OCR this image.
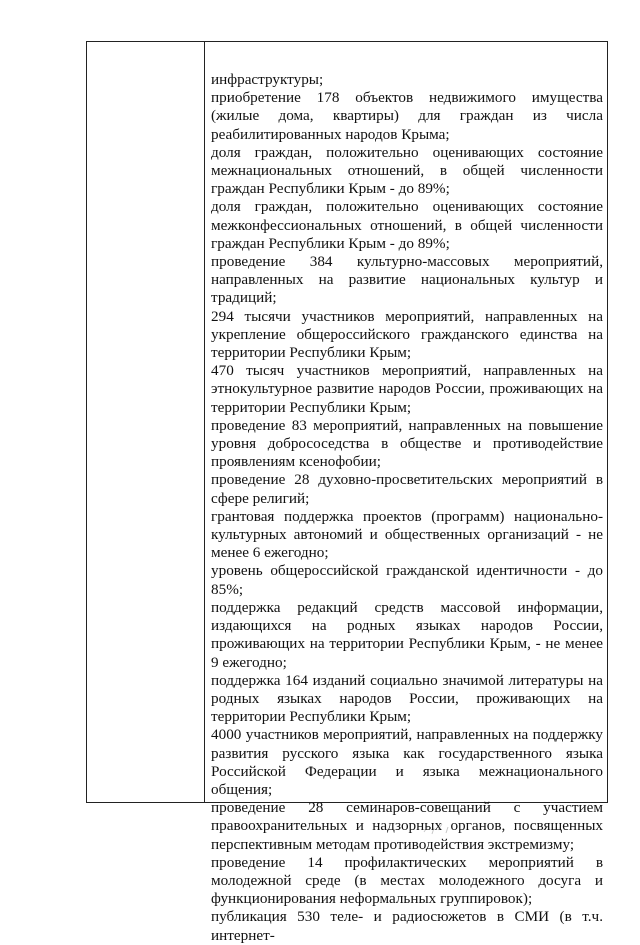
инфраструктуры;

приобретение 178 объектов недвижимого имущества (жилые дома, квартиры) для граждан из числа реабилитированных народов Крыма;

доля граждан, положительно оценивающих состояние межнациональных отношений, в общей численности граждан Республики Крым - до 89%;

доля граждан, положительно оценивающих состояние межконфессиональных отношений, в общей численности граждан Республики Крым - до 89%;

проведение 384 культурно-массовых мероприятий, направленных на развитие национальных культур и традиций;

294 тысячи участников мероприятий, направленных на укрепление общероссийского гражданского единства на территории Республики Крым;

470 тысяч участников мероприятий, направленных на этнокультурное развитие народов России, проживающих на территории Республики Крым;

проведение 83 мероприятий, направленных на повышение уровня добрососедства в обществе и противодействие проявлениям ксенофобии;

проведение 28 духовно-просветительских мероприятий в сфере религий;

грантовая поддержка проектов (программ) национально-культурных автономий и общественных организаций - не менее 6 ежегодно;

уровень общероссийской гражданской идентичности - до 85%;

поддержка редакций средств массовой информации, издающихся на родных языках народов России, проживающих на территории Республики Крым, - не менее 9 ежегодно;

поддержка 164 изданий социально значимой литературы на родных языках народов России, проживающих на территории Республики Крым;

4000 участников мероприятий, направленных на поддержку развития русского языка как государственного языка Российской Федерации и языка межнационального общения;

проведение 28 семинаров-совещаний с участием правоохранительных и надзорных органов, посвященных перспективным методам противодействия экстремизму;

проведение 14 профилактических мероприятий в молодежной среде (в местах молодежного досуга и функционирования неформальных группировок);

публикация 530 теле- и радиосюжетов в СМИ (в т.ч. интернет-
